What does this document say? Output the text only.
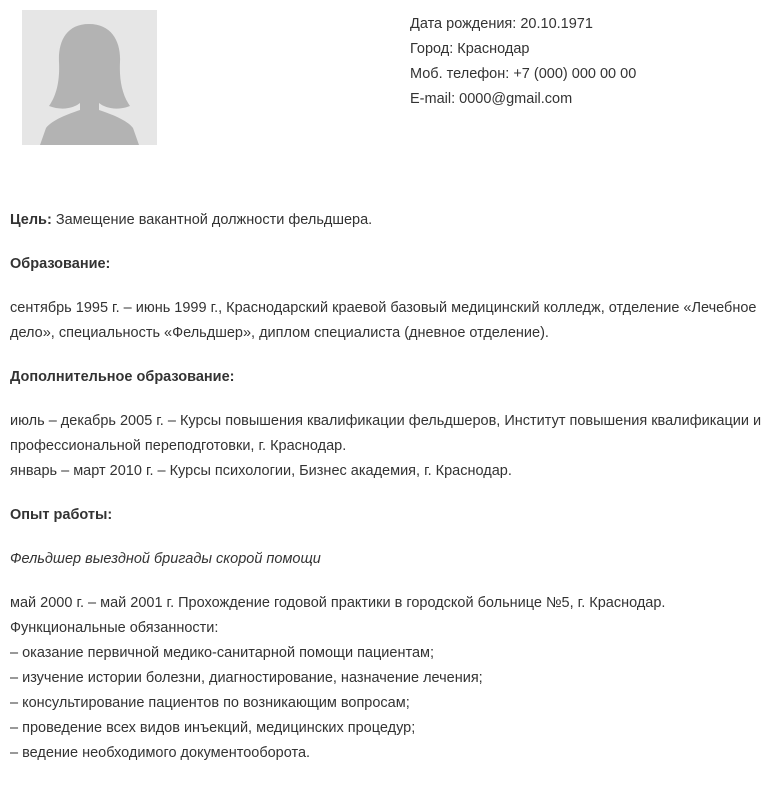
Дата рождения: 20.10.1971
Город: Краснодар
Моб. телефон: +7 (000) 000 00 00
E-mail: 0000@gmail.com

Цель: Замещение вакантной должности фельдшера.

Образование:

сентябрь 1995 г. – июнь 1999 г., Краснодарский краевой базовый медицинский колледж, отделение «Лечебное

дело», специальность «Фельдшер», диплом специалиста (дневное отделение).

Дополнительное образование:

июль – декабрь 2005 г. – Курсы повышения квалификации фельдшеров, Институт повышения квалификации и

профессиональной переподготовки, г. Краснодар.

январь – март 2010 г. – Курсы психологии, Бизнес академия, г. Краснодар.

Опыт работы:

Фельдшер выездной бригады скорой помощи

май 2000 г. – май 2001 г. Прохождение годовой практики в городской больнице №5, г. Краснодар.

Функциональные обязанности:

– оказание первичной медико-санитарной помощи пациентам;

– изучение истории болезни, диагностирование, назначение лечения;

– консультирование пациентов по возникающим вопросам;

– проведение всех видов инъекций, медицинских процедур;

– ведение необходимого документооборота.
